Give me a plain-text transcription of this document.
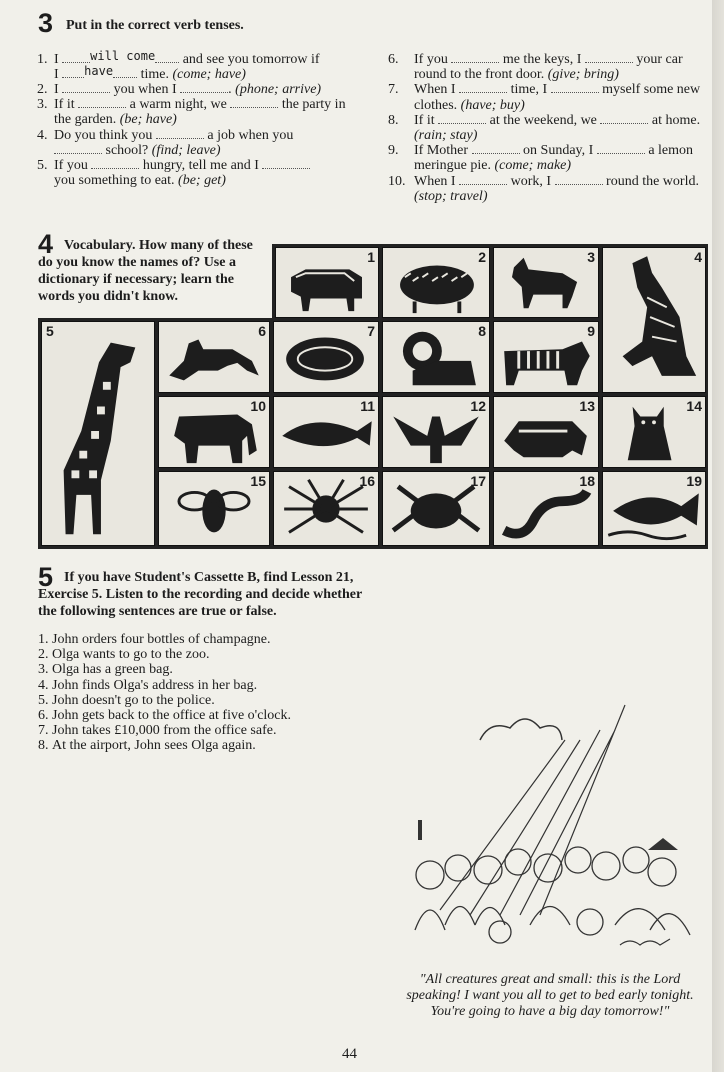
3 Put in the correct verb tenses.
1. I	will come and see you tomorrow if
I have time. (come; have)
2. I	you when I	. (phone; arrive)
3. If it	a warm night, we	the party in the garden. (be; have)
4. Do you think you	a job when you
school? (find; leave)
5. If you	hungry, tell me and I
you something to eat. (be; get)
6. If you	me the keys, I	your car round to the front door. (give; bring)
7. When I	time, I	myself some new clothes. (have; buy)
8. If it	at the weekend, we	at home. (rain; stay)
9. If Mother	on Sunday, I	a lemon meringue pie. (come; make)
10. When I	work, I	round the world. (stop; travel)
4 Vocabulary. How many of these do you know the names of? Use a dictionary if necessary; learn the words you didn't know.
1	2	3	4
5	6	7	8	9
10	11	12	13	14
15	16	17	18	19
5 If you have Student's Cassette B, find Lesson 21, Exercise 5. Listen to the recording and decide whether the following sentences are true or false.
1. John orders four bottles of champagne.
2. Olga wants to go to the zoo.
3. Olga has a green bag.
4. John finds Olga's address in her bag.
5. John doesn't go to the police.
6. John gets back to the office at five o'clock.
7. John takes £10,000 from the office safe.
8. At the airport, John sees Olga again.
"All creatures great and small: this is the Lord speaking! I want you all to get to bed early tonight. You're going to have a big day tomorrow!"
44
